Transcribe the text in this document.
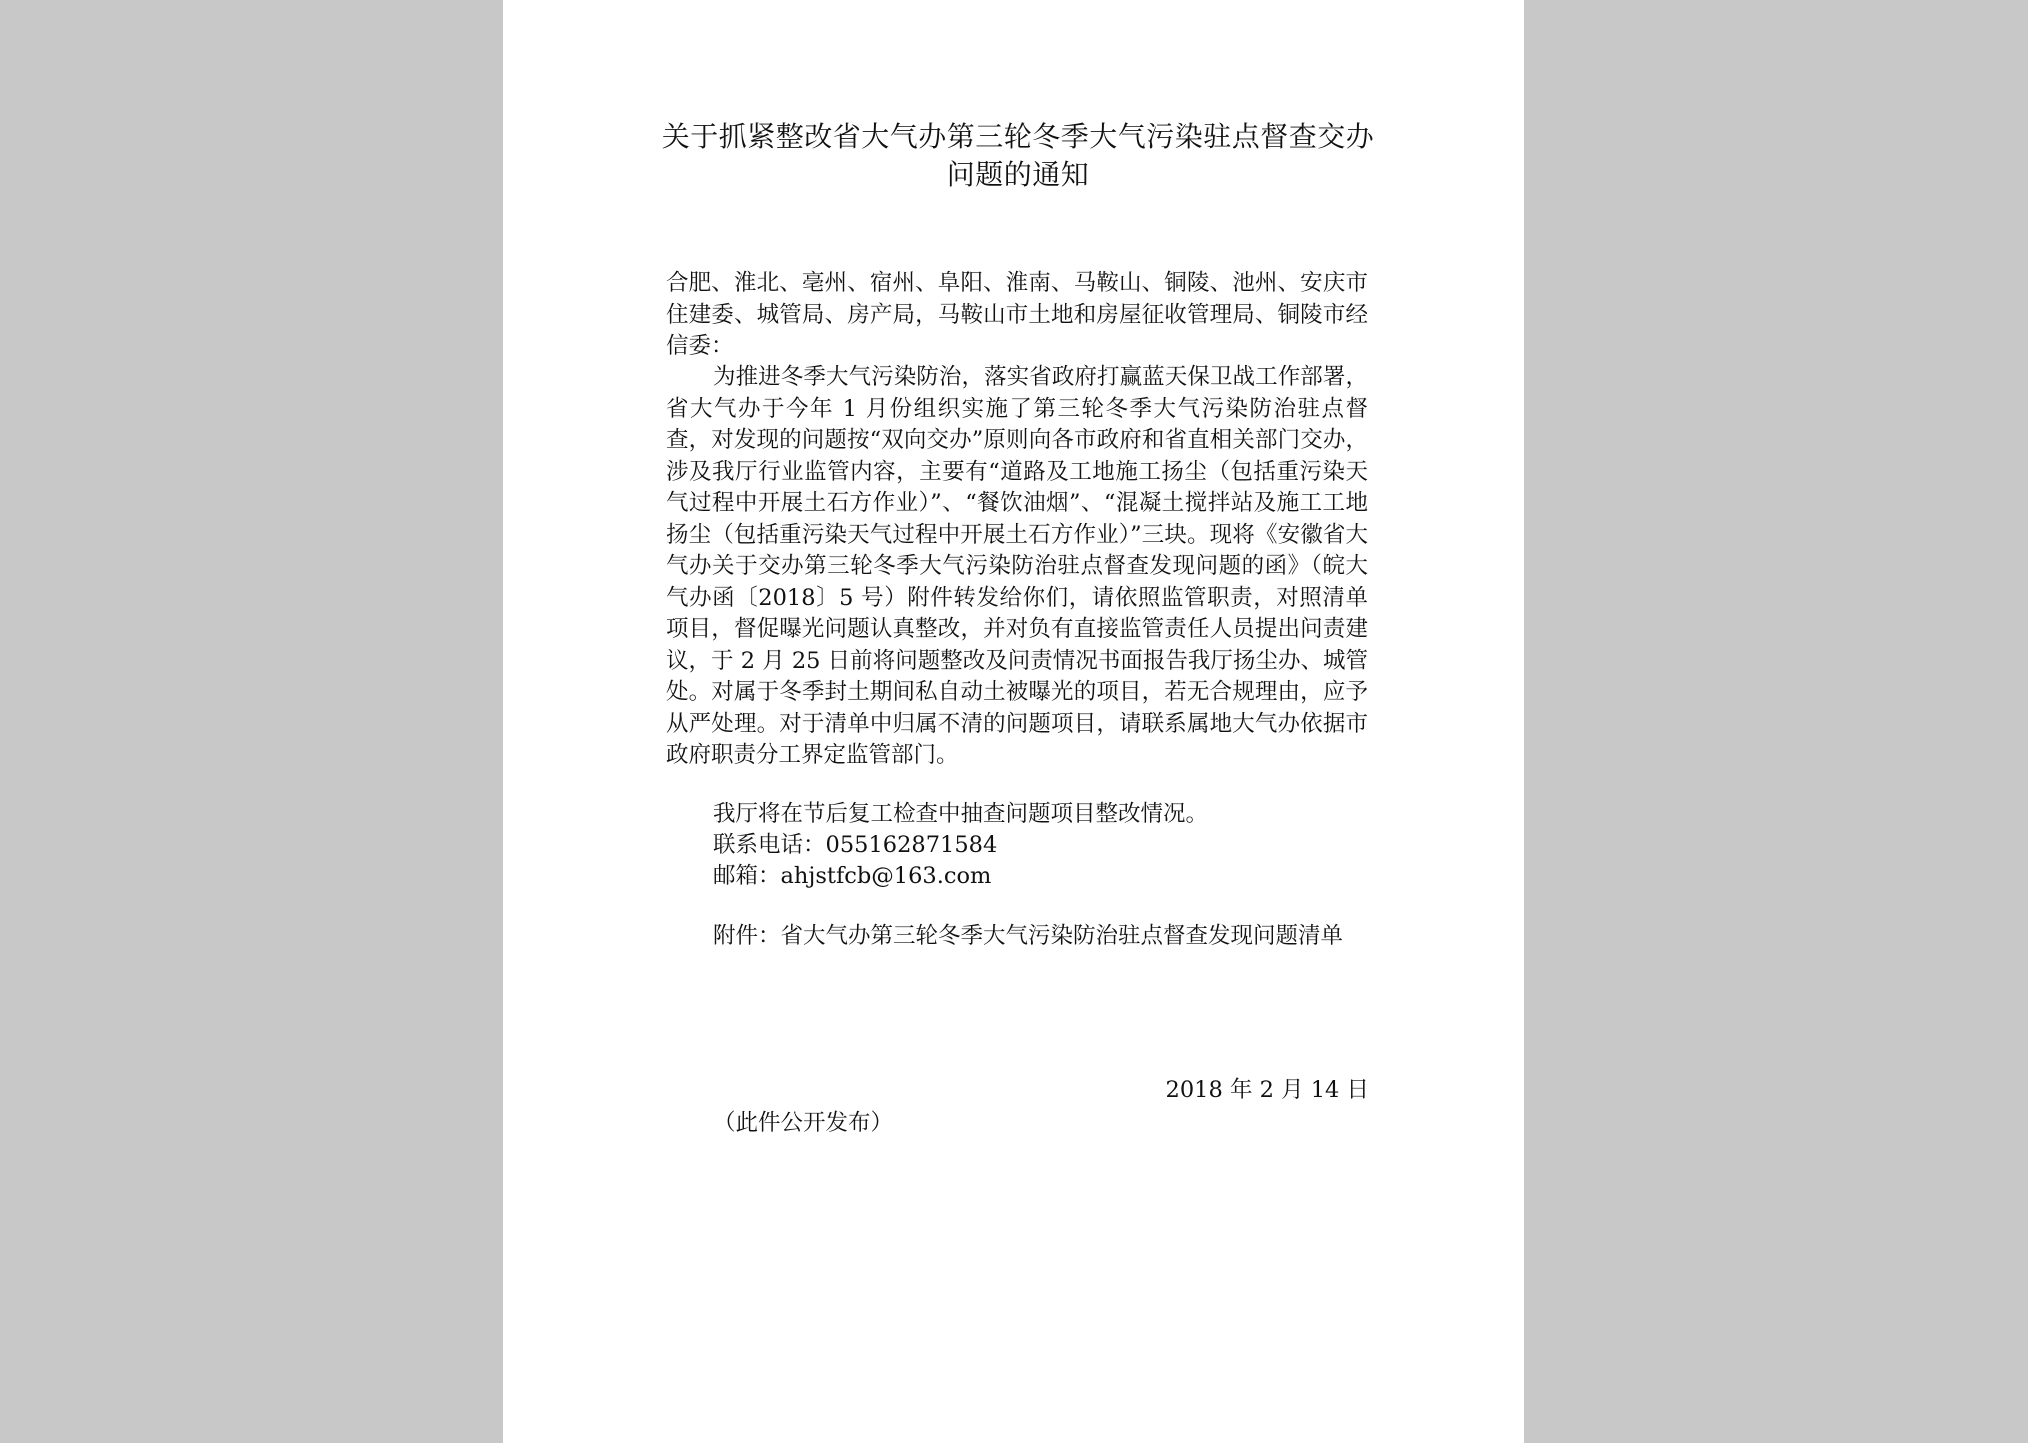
关于抓紧整改省大气办第三轮冬季大气污染驻点督查交办问题的通知
合肥、淮北、亳州、宿州、阜阳、淮南、马鞍山、铜陵、池州、安庆市住建委、城管局、房产局，马鞍山市土地和房屋征收管理局、铜陵市经信委：
为推进冬季大气污染防治，落实省政府打赢蓝天保卫战工作部署，省大气办于今年 1 月份组织实施了第三轮冬季大气污染防治驻点督查，对发现的问题按“双向交办”原则向各市政府和省直相关部门交办，涉及我厅行业监管内容，主要有“道路及工地施工扬尘（包括重污染天气过程中开展土石方作业）”、“餐饮油烟”、“混凝土搅拌站及施工工地扬尘（包括重污染天气过程中开展土石方作业）”三块。现将《安徽省大气办关于交办第三轮冬季大气污染防治驻点督查发现问题的函》（皖大气办函〔2018〕5 号）附件转发给你们，请依照监管职责，对照清单项目，督促曝光问题认真整改，并对负有直接监管责任人员提出问责建议，于 2 月 25 日前将问题整改及问责情况书面报告我厅扬尘办、城管处。对属于冬季封土期间私自动土被曝光的项目，若无合规理由，应予从严处理。对于清单中归属不清的问题项目，请联系属地大气办依据市政府职责分工界定监管部门。
我厅将在节后复工检查中抽查问题项目整改情况。
联系电话：055162871584
邮箱：ahjstfcb@163.com
附件：省大气办第三轮冬季大气污染防治驻点督查发现问题清单
2018 年 2 月 14 日
（此件公开发布）
